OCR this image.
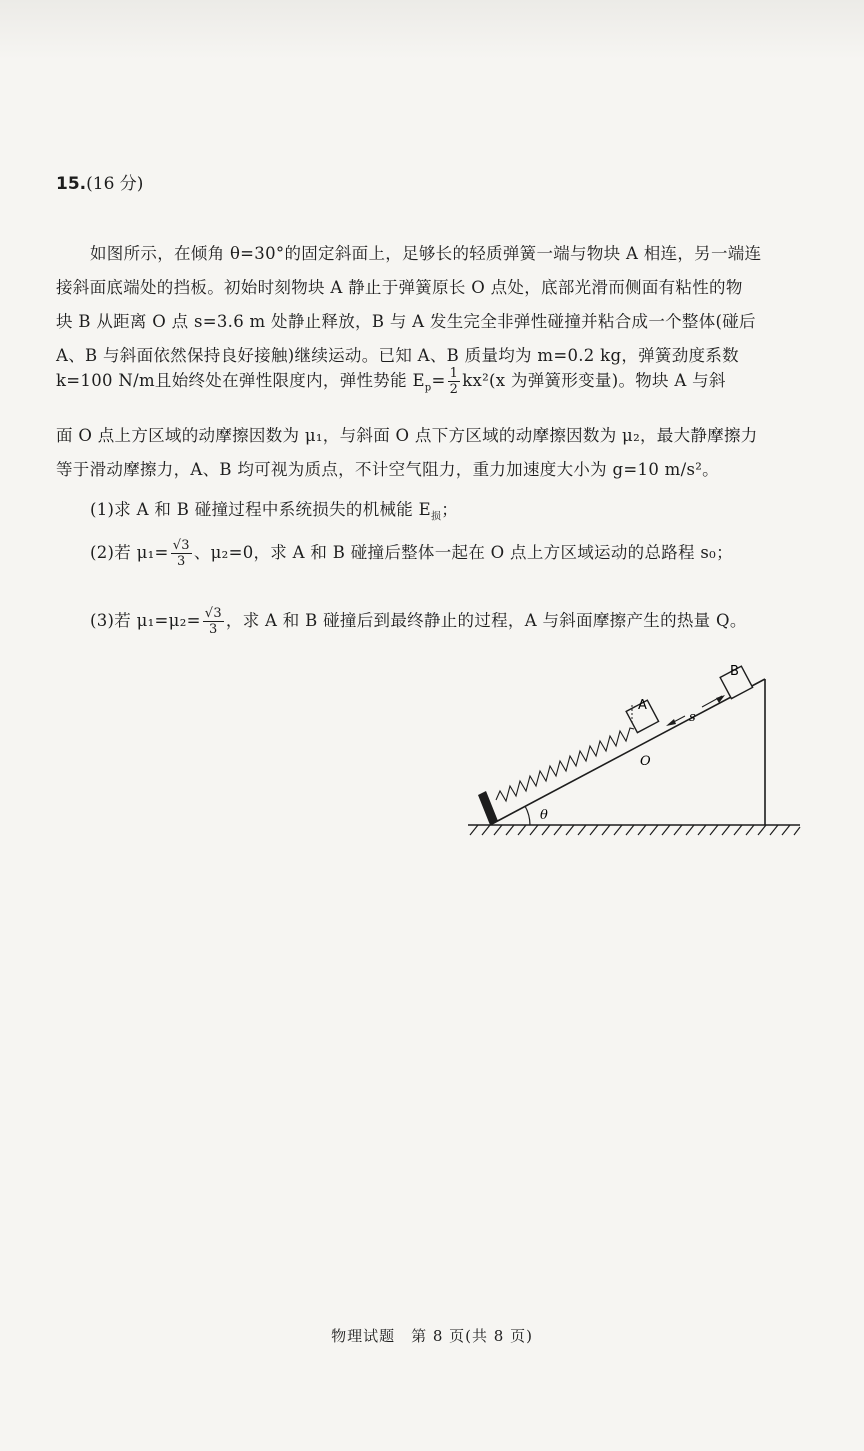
15.(16 分)
如图所示，在倾角 θ=30°的固定斜面上，足够长的轻质弹簧一端与物块 A 相连，另一端连
接斜面底端处的挡板。初始时刻物块 A 静止于弹簧原长 O 点处，底部光滑而侧面有粘性的物
块 B 从距离 O 点 s=3.6 m 处静止释放，B 与 A 发生完全非弹性碰撞并粘合成一个整体(碰后
A、B 与斜面依然保持良好接触)继续运动。已知 A、B 质量均为 m=0.2 kg，弹簧劲度系数
k=100 N/m且始终处在弹性限度内，弹性势能 $E_p= \frac{1}{2} kx^2(x$ 为弹簧形变量)。物块 A 与斜
面 O 点上方区域的动摩擦因数为 μ₁，与斜面 O 点下方区域的动摩擦因数为 μ₂，最大静摩擦力
等于滑动摩擦力，A、B 均可视为质点，不计空气阻力，重力加速度大小为 g=10 m/s²。
(1)求 A 和 B 碰撞过程中系统损失的机械能 $E_损$；
(2)若 $\mu_1= \frac{√3}{3}$ 、μ₂=0，求 A 和 B 碰撞后整体一起在 O 点上方区域运动的总路程 s₀；
(3)若 $\mu_1=\mu_2= \frac{√3}{3}$ ，求 A 和 B 碰撞后到最终静止的过程，A 与斜面摩擦产生的热量 Q。
θ
A
O
s
B
物理试题　第 8 页(共 8 页)
